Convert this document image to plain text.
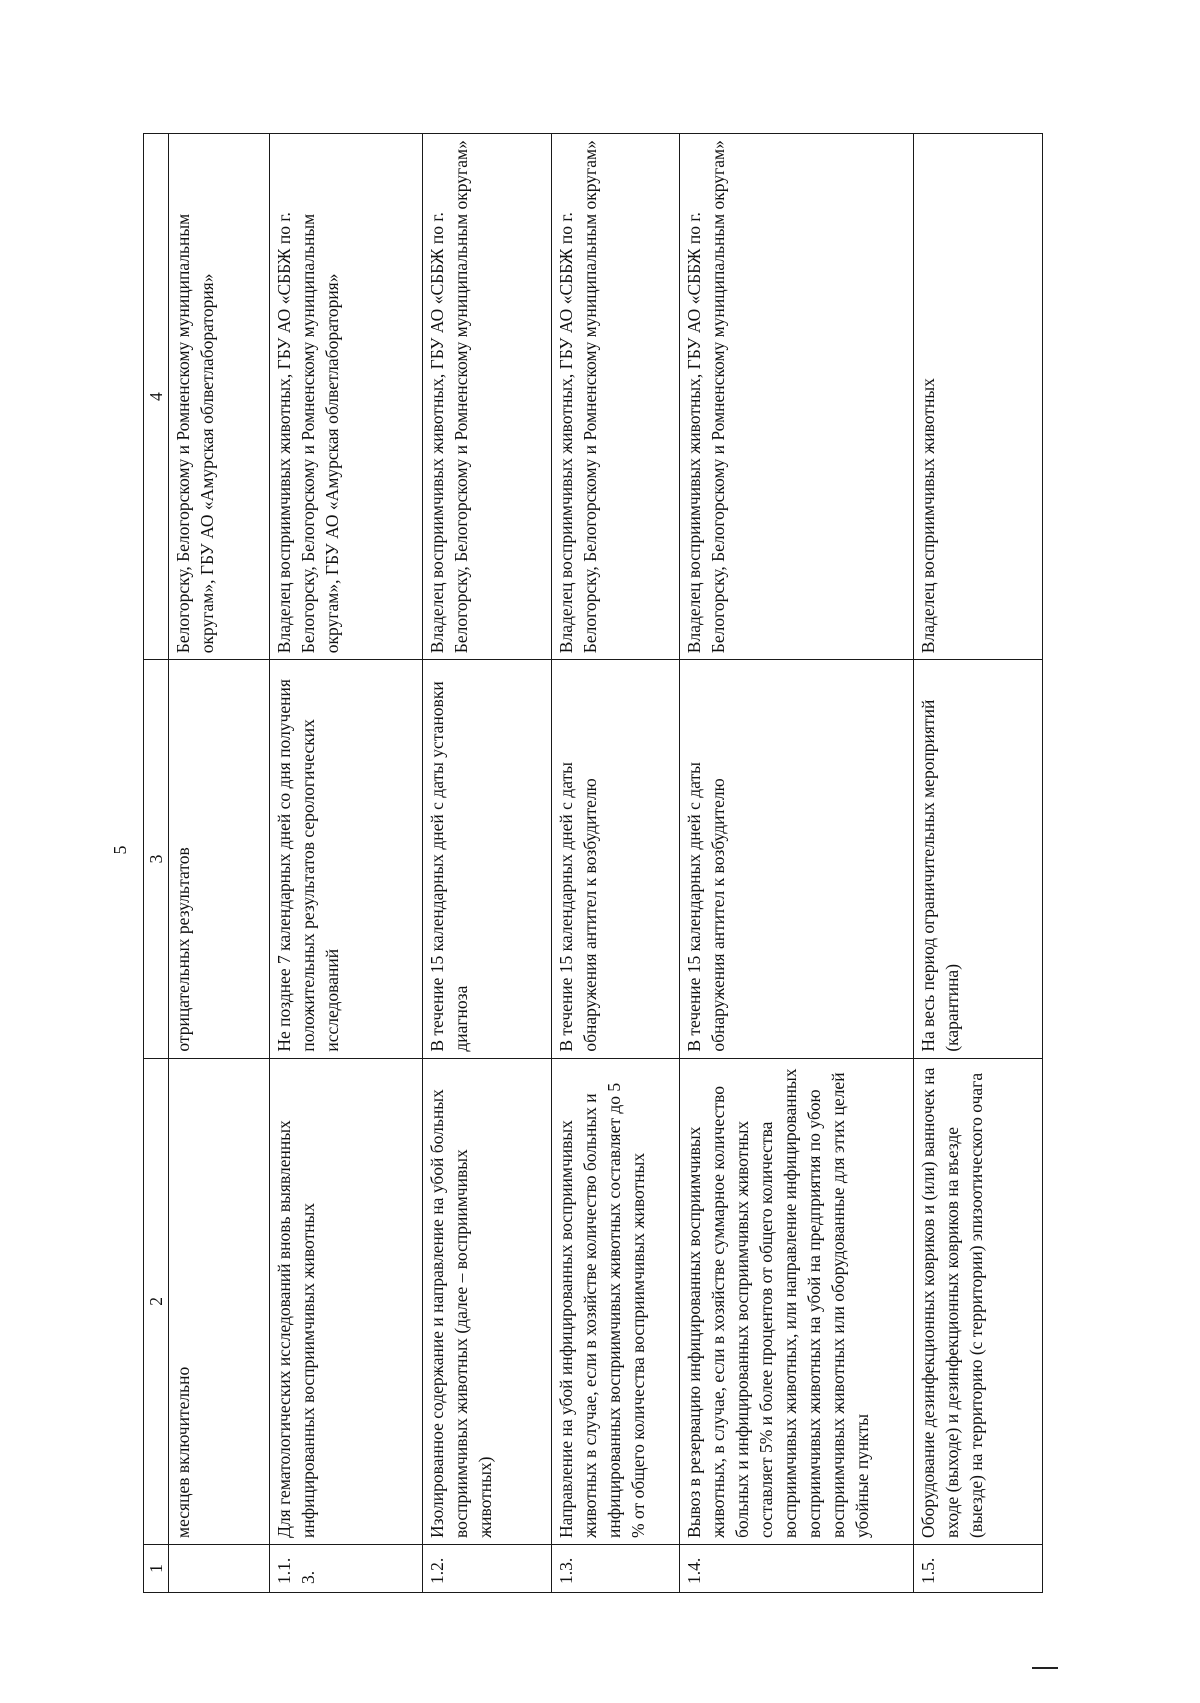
5
1	2	3	4
	месяцев включительно	отрицательных результатов	Белогорску, Белогорскому и Ромненскому муниципальным округам», ГБУ АО «Амурская облветлаборатория»
1.1.3.	Для гематологических исследований вновь выявленных инфицированных восприимчивых животных	Не позднее 7 календарных дней со дня получения положительных результатов серологических исследований	Владелец восприимчивых животных, ГБУ АО «СББЖ по г. Белогорску, Белогорскому и Ромненскому муниципальным округам», ГБУ АО «Амурская облветлаборатория»
1.2.	Изолированное содержание и направление на убой больных восприимчивых животных (далее – восприимчивых животных)	В течение 15 календарных дней с даты установки диагноза	Владелец восприимчивых животных, ГБУ АО «СББЖ по г. Белогорску, Белогорскому и Ромненскому муниципальным округам»
1.3.	Направление на убой инфицированных восприимчивых животных в случае, если в хозяйстве количество больных и инфицированных восприимчивых животных составляет до 5 % от общего количества восприимчивых животных	В течение 15 календарных дней с даты обнаружения антител к возбудителю	Владелец восприимчивых животных, ГБУ АО «СББЖ по г. Белогорску, Белогорскому и Ромненскому муниципальным округам»
1.4.	Вывоз в резервацию инфицированных восприимчивых животных, в случае, если в хозяйстве суммарное количество больных и инфицированных восприимчивых животных составляет 5% и более процентов от общего количества восприимчивых животных, или направление инфицированных восприимчивых животных на убой на предприятия по убою восприимчивых животных или оборудованные для этих целей убойные пункты	В течение 15 календарных дней с даты обнаружения антител к возбудителю	Владелец восприимчивых животных, ГБУ АО «СББЖ по г. Белогорску, Белогорскому и Ромненскому муниципальным округам»
1.5.	Оборудование дезинфекционных ковриков и (или) ванночек на входе (выходе) и дезинфекционных ковриков на въезде (выезде) на территорию (с территории) эпизоотического очага	На весь период ограничительных мероприятий (карантина)	Владелец восприимчивых животных
